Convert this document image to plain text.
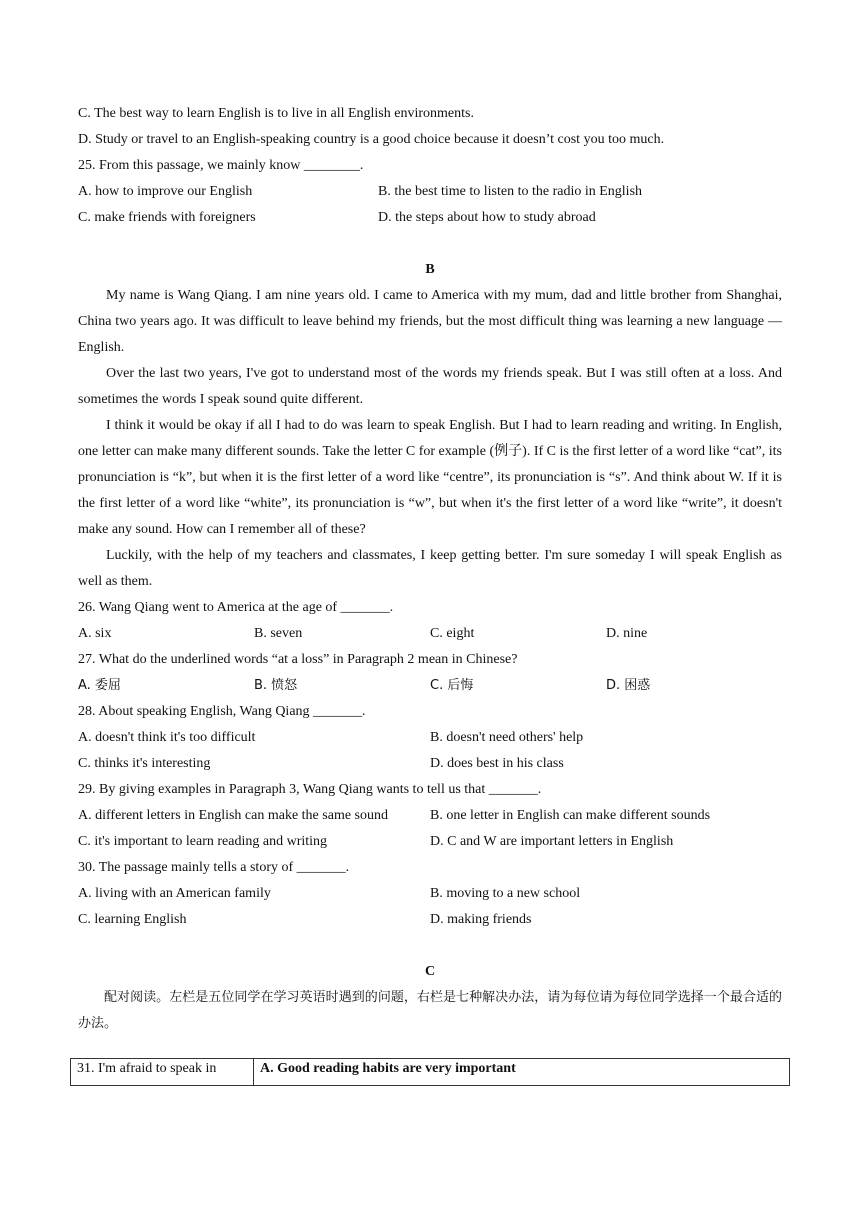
C. The best way to learn English is to live in all English environments.
D. Study or travel to an English-speaking country is a good choice because it doesn’t cost you too much.
25. From this passage, we mainly know ________.
A. how to improve our English	B. the best time to listen to the radio in English
C. make friends with foreigners	D. the steps about how to study abroad
B

My name is Wang Qiang. I am nine years old. I came to America with my mum, dad and little brother from Shanghai, China two years ago. It was difficult to leave behind my friends, but the most difficult thing was learning a new language — English.

Over the last two years, I've got to understand most of the words my friends speak. But I was still often at a loss. And sometimes the words I speak sound quite different.

I think it would be okay if all I had to do was learn to speak English. But I had to learn reading and writing. In English, one letter can make many different sounds. Take the letter C for example (例子). If C is the first letter of a word like “cat”, its pronunciation is “k”, but when it is the first letter of a word like “centre”, its pronunciation is “s”. And think about W. If it is the first letter of a word like “white”, its pronunciation is “w”, but when it's the first letter of a word like “write”, it doesn't make any sound. How can I remember all of these?

Luckily, with the help of my teachers and classmates, I keep getting better. I'm sure someday I will speak English as well as them.

26. Wang Qiang went to America at the age of _______.
A. six	B. seven	C. eight	D. nine
27. What do the underlined words “at a loss” in Paragraph 2 mean in Chinese?
A. 委屈	B. 愤怒	C. 后悔	D. 困惑
28. About speaking English, Wang Qiang _______.
A. doesn't think it's too difficult	B. doesn't need others' help
C. thinks it's interesting	D. does best in his class
29. By giving examples in Paragraph 3, Wang Qiang wants to tell us that _______.
A. different letters in English can make the same sound	B. one letter in English can make different sounds
C. it's important to learn reading and writing	D. C and W are important letters in English
30. The passage mainly tells a story of _______.
A. living with an American family	B. moving to a new school
C. learning English	D. making friends
C

配对阅读。左栏是五位同学在学习英语时遇到的问题，右栏是七种解决办法，请为每位请为每位同学选择一个最合适的办法。

31. I'm afraid to speak in	A. Good reading habits are very important
